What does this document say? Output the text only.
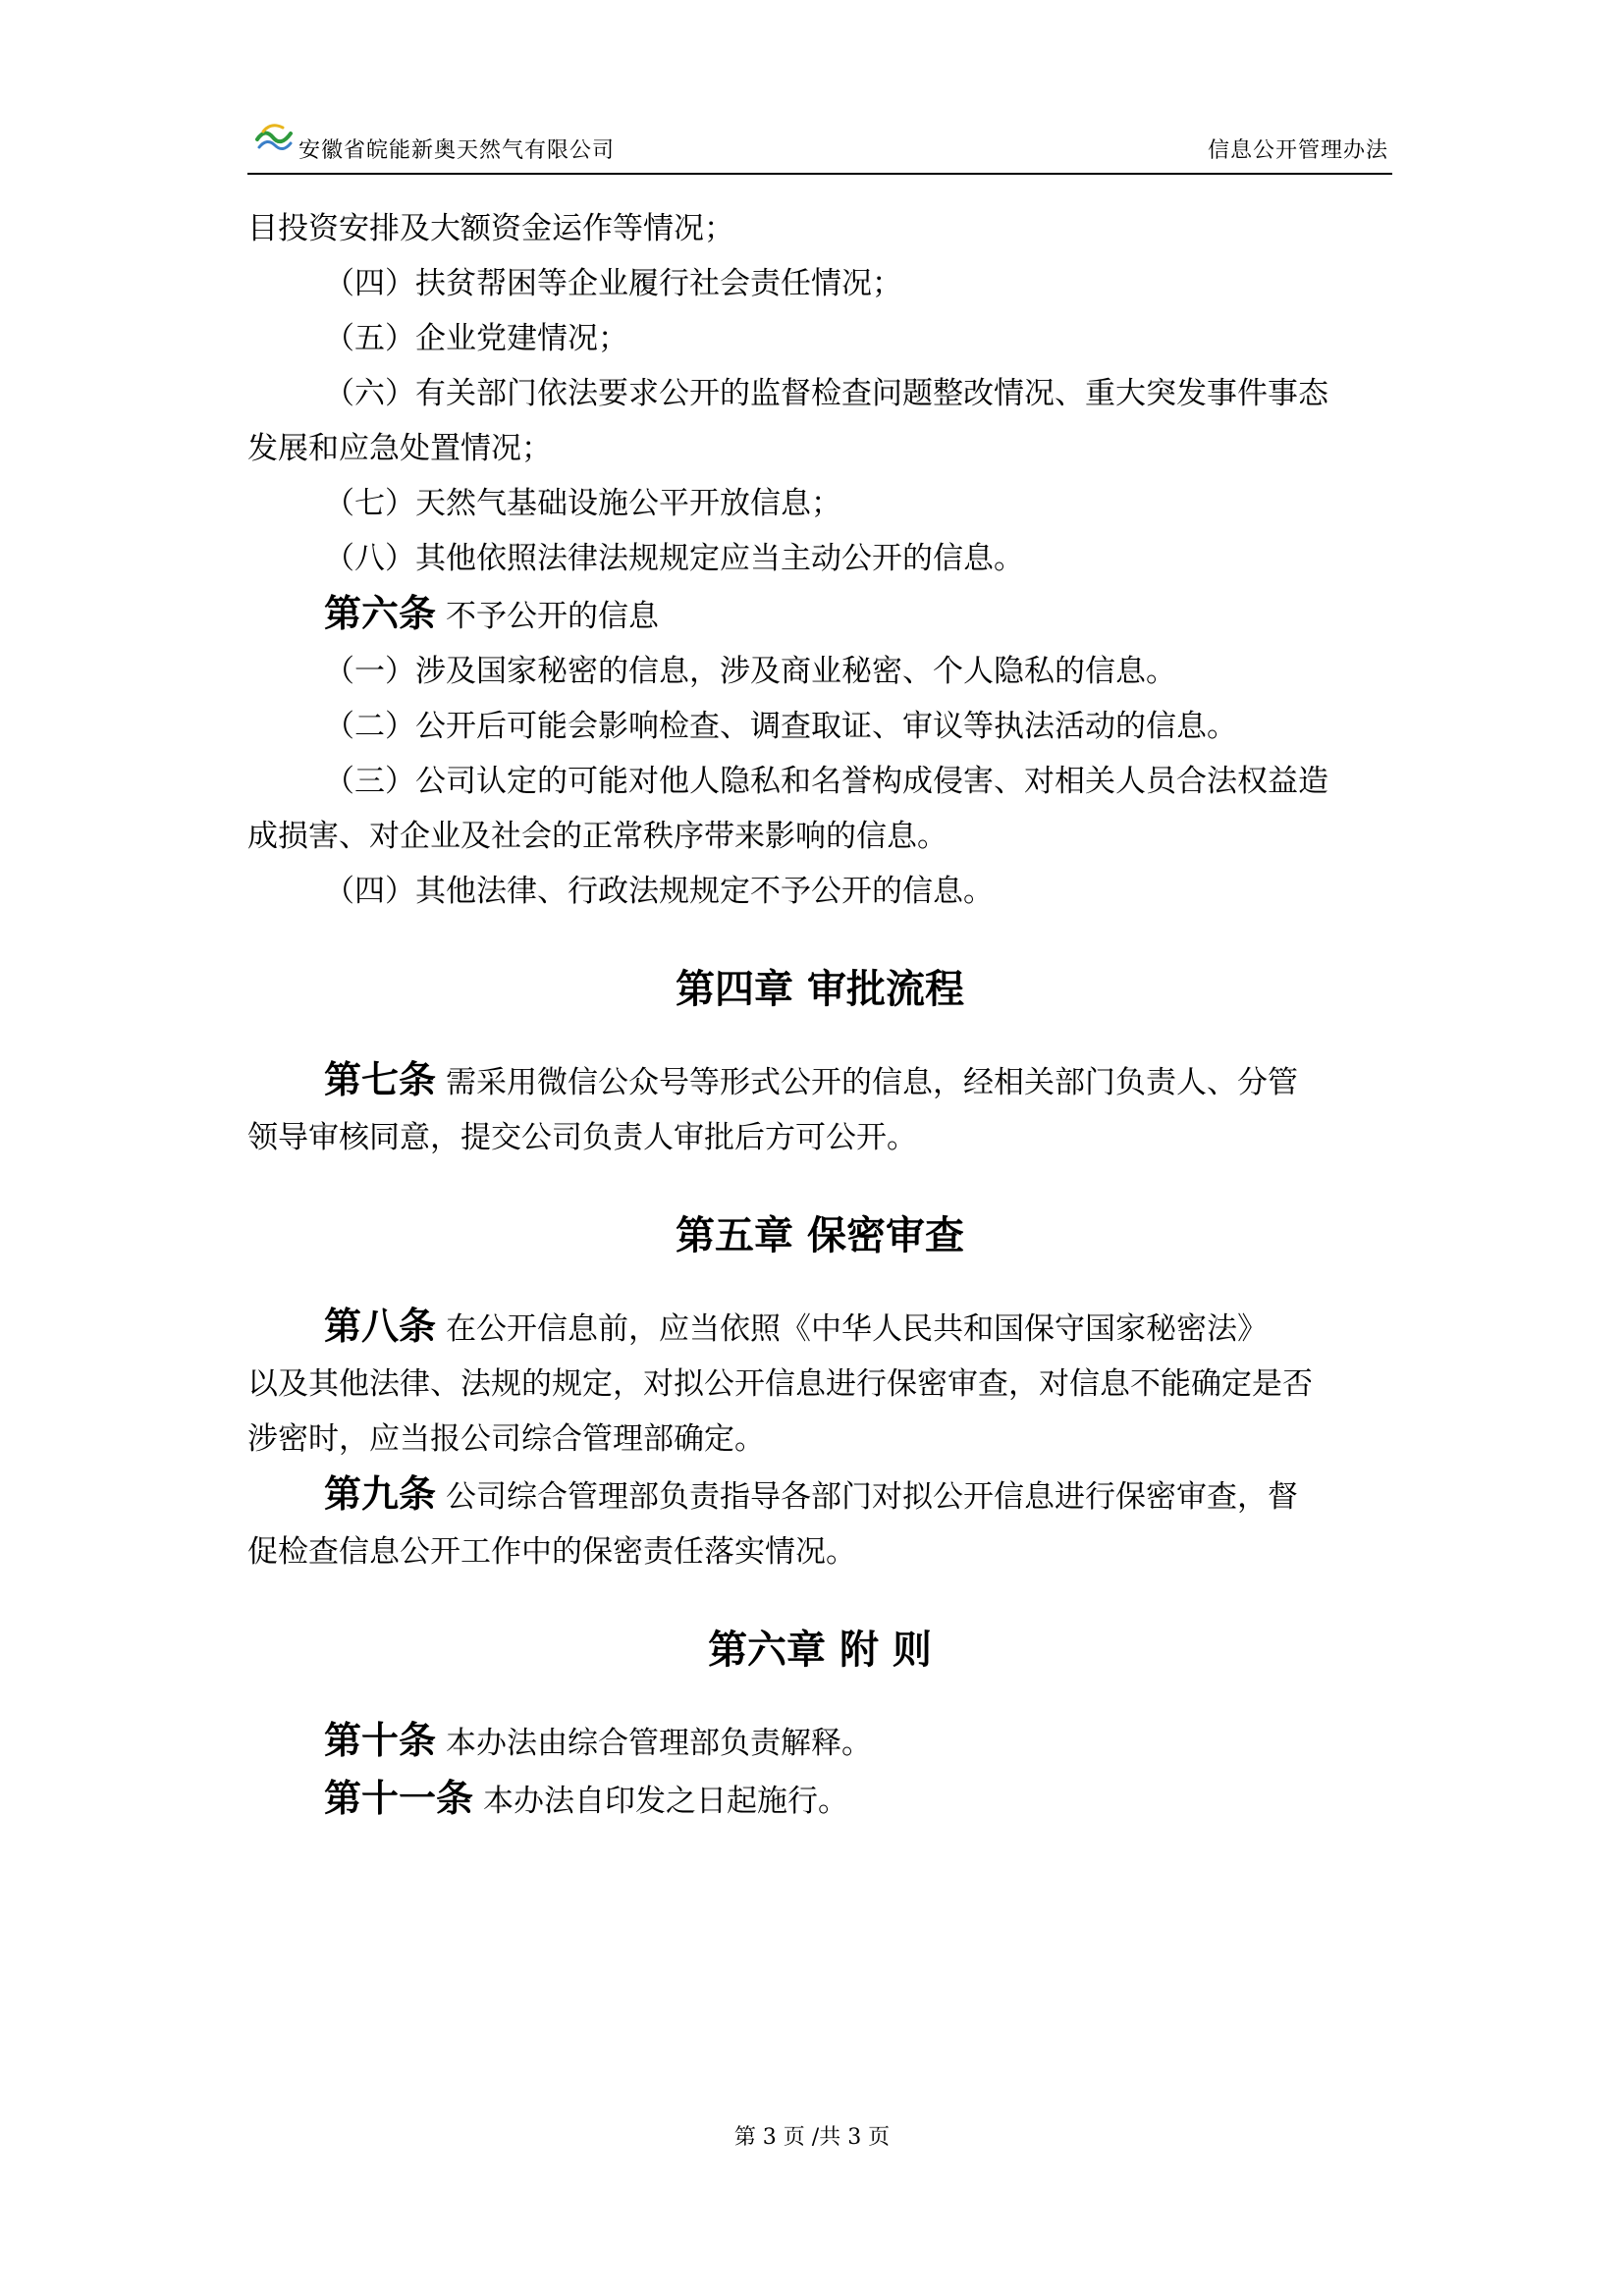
安徽省皖能新奥天然气有限公司	信息公开管理办法

目投资安排及大额资金运作等情况；

（四）扶贫帮困等企业履行社会责任情况；

（五）企业党建情况；

（六）有关部门依法要求公开的监督检查问题整改情况、重大突发事件事态

发展和应急处置情况；

（七）天然气基础设施公平开放信息；

（八）其他依照法律法规规定应当主动公开的信息。

第六条 不予公开的信息

（一）涉及国家秘密的信息，涉及商业秘密、个人隐私的信息。

（二）公开后可能会影响检查、调查取证、审议等执法活动的信息。

（三）公司认定的可能对他人隐私和名誉构成侵害、对相关人员合法权益造

成损害、对企业及社会的正常秩序带来影响的信息。

（四）其他法律、行政法规规定不予公开的信息。

第四章 审批流程

第七条 需采用微信公众号等形式公开的信息，经相关部门负责人、分管

领导审核同意，提交公司负责人审批后方可公开。

第五章 保密审查

第八条 在公开信息前，应当依照《中华人民共和国保守国家秘密法》

以及其他法律、法规的规定，对拟公开信息进行保密审查，对信息不能确定是否

涉密时，应当报公司综合管理部确定。

第九条 公司综合管理部负责指导各部门对拟公开信息进行保密审查，督

促检查信息公开工作中的保密责任落实情况。

第六章 附 则

第十条 本办法由综合管理部负责解释。

第十一条 本办法自印发之日起施行。

第 3 页 /共 3 页
